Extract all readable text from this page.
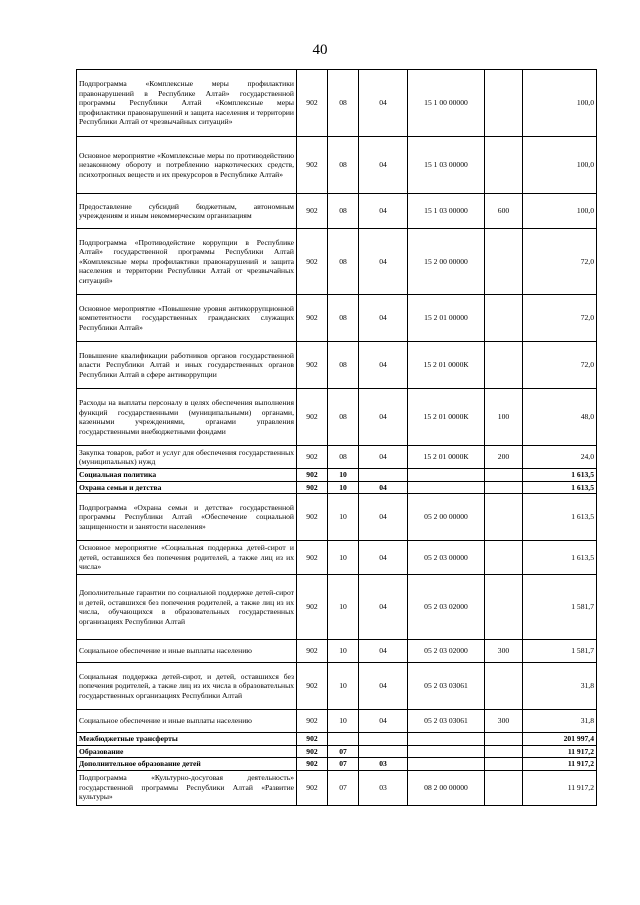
40
Подпрограмма «Комплексные меры профилактики правонарушений в Республике Алтай» государственной программы Республики Алтай «Комплексные меры профилактики правонарушений и защита населения и территории Республики Алтай от чрезвычайных ситуаций»	902	08	04	15 1 00 00000		100,0
Основное мероприятие «Комплексные меры по противодействию незаконному обороту и потреблению наркотических средств, психотропных веществ и их прекурсоров в Республике Алтай»	902	08	04	15 1 03 00000		100,0
Предоставление субсидий бюджетным, автономным учреждениям и иным некоммерческим организациям	902	08	04	15 1 03 00000	600	100,0
Подпрограмма «Противодействие коррупции в Республике Алтай» государственной программы Республики Алтай «Комплексные меры профилактики правонарушений и защита населения и территории Республики Алтай от чрезвычайных ситуаций»	902	08	04	15 2 00 00000		72,0
Основное мероприятие «Повышение уровня антикоррупционной компетентности государственных гражданских служащих Республики Алтай»	902	08	04	15 2 01 00000		72,0
Повышение квалификации работников органов государственной власти Республики Алтай и иных государственных органов Республики Алтай в сфере антикоррупции	902	08	04	15 2 01 0000К		72,0
Расходы на выплаты персоналу в целях обеспечения выполнения функций государственными (муниципальными) органами, казенными учреждениями, органами управления государственными внебюджетными фондами	902	08	04	15 2 01 0000К	100	48,0
Закупка товаров, работ и услуг для обеспечения государственных (муниципальных) нужд	902	08	04	15 2 01 0000К	200	24,0
Социальная политика	902	10				1 613,5
Охрана семьи и детства	902	10	04			1 613,5
Подпрограмма «Охрана семьи и детства» государственной программы Республики Алтай «Обеспечение социальной защищенности и занятости населения»	902	10	04	05 2 00 00000		1 613,5
Основное мероприятие «Социальная поддержка детей-сирот и детей, оставшихся без попечения родителей, а также лиц из их числа»	902	10	04	05 2 03 00000		1 613,5
Дополнительные гарантии по социальной поддержке детей-сирот и детей, оставшихся без попечения родителей, а также лиц из их числа, обучающихся в образовательных государственных организациях Республики Алтай	902	10	04	05 2 03 02000		1 581,7
Социальное обеспечение и иные выплаты населению	902	10	04	05 2 03 02000	300	1 581,7
Социальная поддержка детей-сирот, и детей, оставшихся без попечения родителей, а также лиц из их числа в образовательных государственных организациях Республики Алтай	902	10	04	05 2 03 03061		31,8
Социальное обеспечение и иные выплаты населению	902	10	04	05 2 03 03061	300	31,8
Межбюджетные трансферты	902					201 997,4
Образование	902	07				11 917,2
Дополнительное образование детей	902	07	03			11 917,2
Подпрограмма «Культурно-досуговая деятельность» государственной программы Республики Алтай «Развитие культуры»	902	07	03	08 2 00 00000		11 917,2
